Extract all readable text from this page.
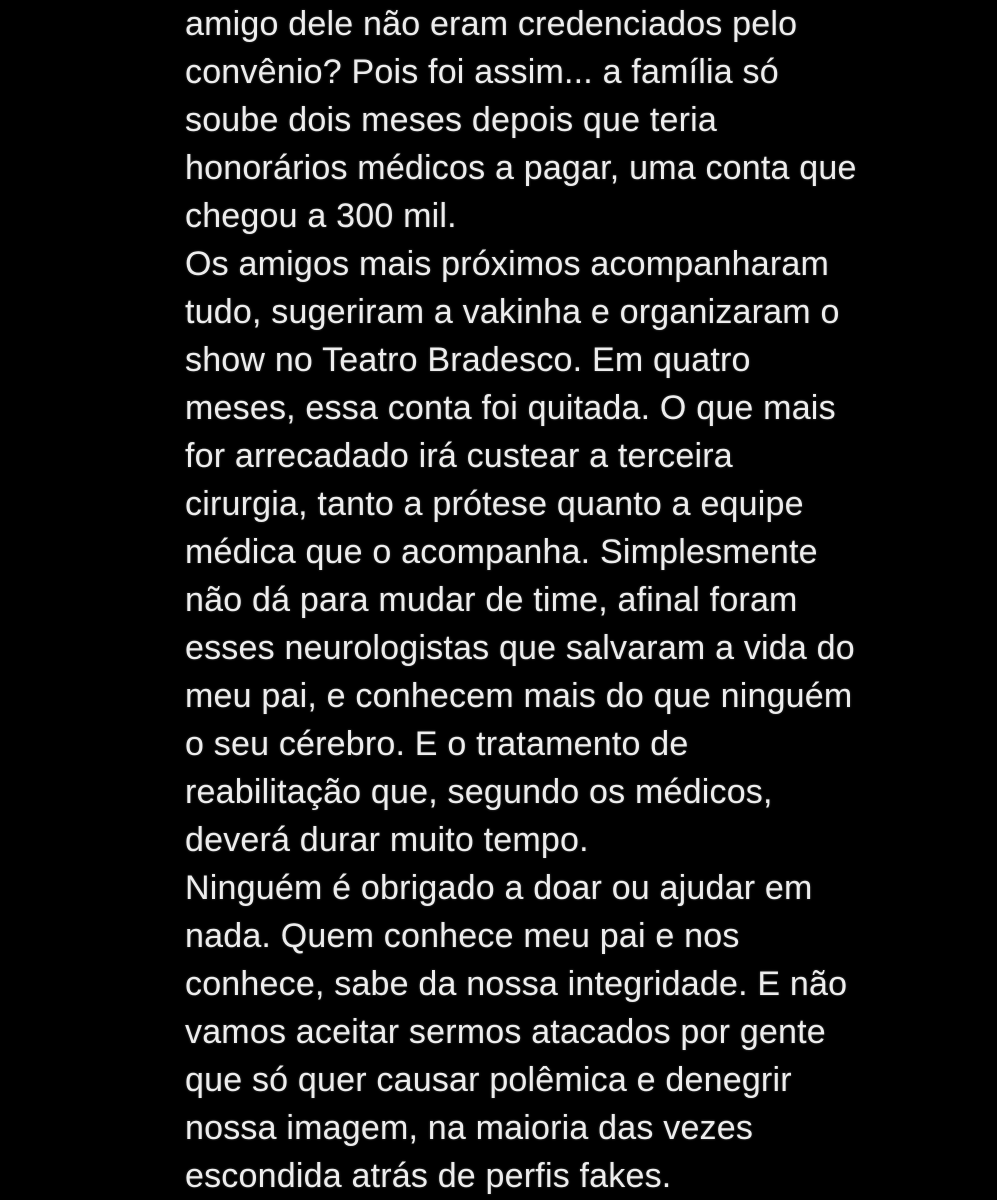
amigo dele não eram credenciados pelo
convênio? Pois foi assim... a família só
soube dois meses depois que teria
honorários médicos a pagar, uma conta que
chegou a 300 mil.
Os amigos mais próximos acompanharam
tudo, sugeriram a vakinha e organizaram o
show no Teatro Bradesco. Em quatro
meses, essa conta foi quitada. O que mais
for arrecadado irá custear a terceira
cirurgia, tanto a prótese quanto a equipe
médica que o acompanha. Simplesmente
não dá para mudar de time, afinal foram
esses neurologistas que salvaram a vida do
meu pai, e conhecem mais do que ninguém
o seu cérebro. E o tratamento de
reabilitação que, segundo os médicos,
deverá durar muito tempo.
Ninguém é obrigado a doar ou ajudar em
nada. Quem conhece meu pai e nos
conhece, sabe da nossa integridade. E não
vamos aceitar sermos atacados por gente
que só quer causar polêmica e denegrir
nossa imagem, na maioria das vezes
escondida atrás de perfis fakes.
